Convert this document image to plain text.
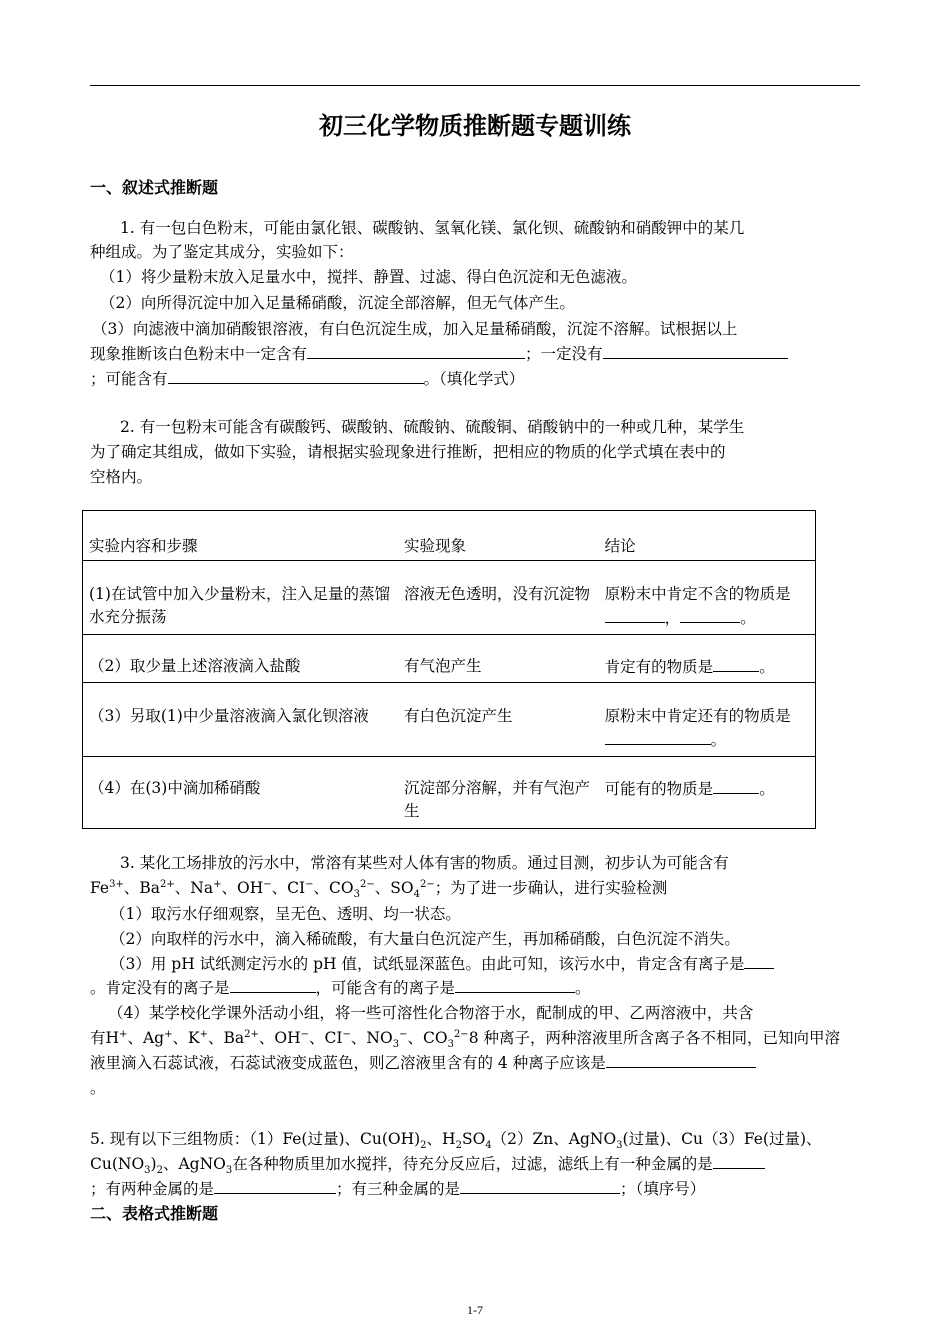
初三化学物质推断题专题训练
一、叙述式推断题
1. 有一包白色粉末，可能由氯化银、碳酸钠、氢氧化镁、氯化钡、硫酸钠和硝酸钾中的某几
种组成。为了鉴定其成分，实验如下：
（1）将少量粉末放入足量水中，搅拌、静置、过滤、得白色沉淀和无色滤液。
（2）向所得沉淀中加入足量稀硝酸，沉淀全部溶解，但无气体产生。
（3）向滤液中滴加硝酸银溶液，有白色沉淀生成，加入足量稀硝酸，沉淀不溶解。试根据以上
现象推断该白色粉末中一定含有	；一定没有
；可能含有	。（填化学式）
2. 有一包粉末可能含有碳酸钙、碳酸钠、硫酸钠、硫酸铜、硝酸钠中的一种或几种，某学生
为了确定其组成，做如下实验，请根据实验现象进行推断，把相应的物质的化学式填在表中的
空格内。
实验内容和步骤	实验现象	结论
(1)在试管中加入少量粉末，注入足量的蒸馏水充分振荡	溶液无色透明，没有沉淀物	原粉末中肯定不含的物质是， 。
（2）取少量上述溶液滴入盐酸	有气泡产生	肯定有的物质是 。
（3）另取(1)中少量溶液滴入氯化钡溶液	有白色沉淀产生	原粉末中肯定还有的物质是。
（4）在(3)中滴加稀硝酸	沉淀部分溶解，并有气泡产生	可能有的物质是 。
3. 某化工场排放的污水中，常溶有某些对人体有害的物质。通过目测，初步认为可能含有
$Fe^{3+}$、$Ba^{2+}$、Na+、OH−、CI−、$CO_3^{2-}$、$SO_4^{2-}$；为了进一步确认，进行实验检测
（1）取污水仔细观察，呈无色、透明、均一状态。
（2）向取样的污水中，滴入稀硫酸，有大量白色沉淀产生，再加稀硝酸，白色沉淀不消失。
（3）用 pH 试纸测定污水的 pH 值，试纸显深蓝色。由此可知，该污水中，肯定含有离子是
。肯定没有的离子是	，可能含有的离子是	。
（4）某学校化学课外活动小组，将一些可溶性化合物溶于水，配制成的甲、乙两溶液中，共含
有H+、Ag+、K+、$Ba^{2+}$、OH−、CI−、$NO_3^-$、$CO_3^{2-}8$ 种离子，两种溶液里所含离子各不相同，已知向甲溶
液里滴入石蕊试液，石蕊试液变成蓝色，则乙溶液里含有的 4 种离子应该是
。
5. 现有以下三组物质：（1）Fe(过量)、$Cu(OH)_2$、$H_2SO_4(2)Zn$、AgNO$_3$(过量)、Cu（3）Fe(过量)、
$Cu(NO_3)_2$、AgNO$_3$在各种物质里加水搅拌，待充分反应后，过滤，滤纸上有一种金属的是
；有两种金属的是	；有三种金属的是	；（填序号）
二、表格式推断题
1-7
